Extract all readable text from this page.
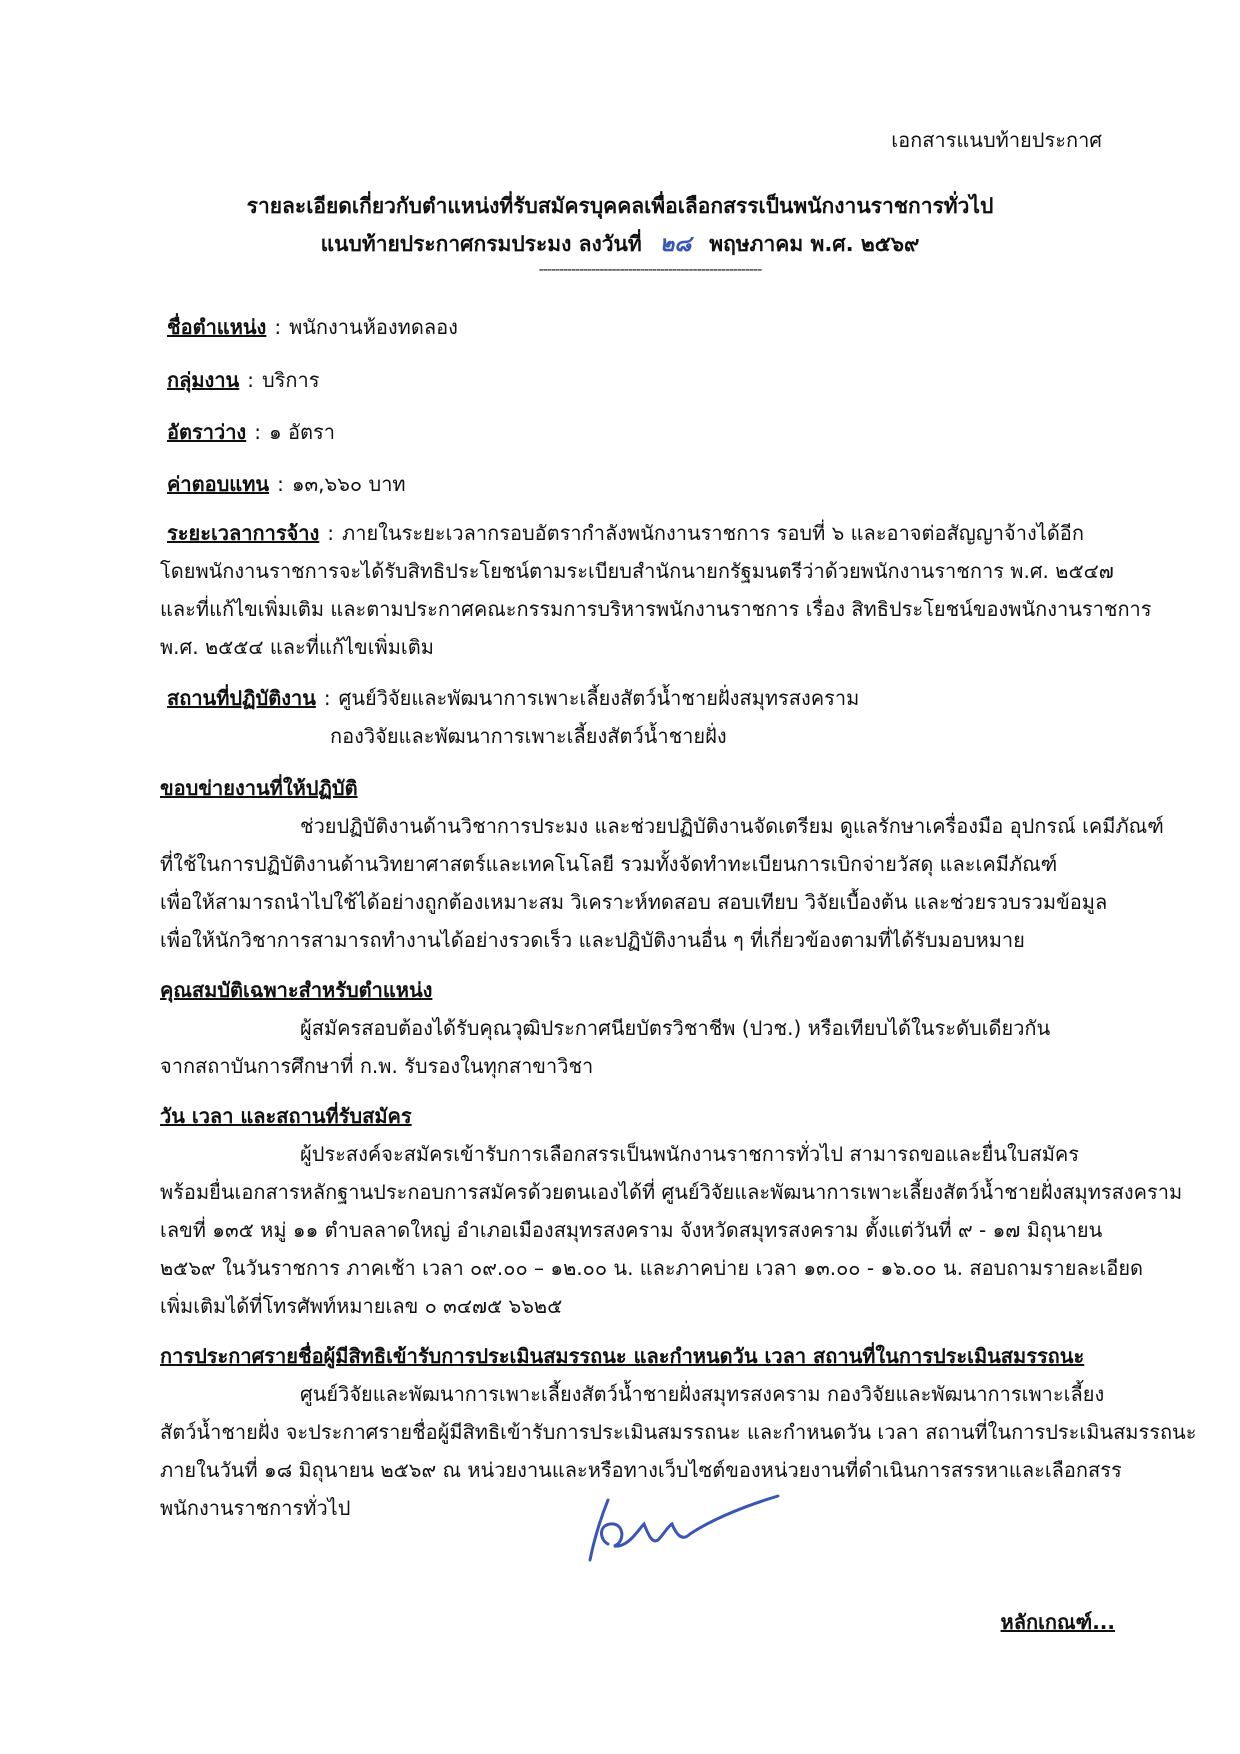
เอกสารแนบท้ายประกาศ
รายละเอียดเกี่ยวกับตำแหน่งที่รับสมัครบุคคลเพื่อเลือกสรรเป็นพนักงานราชการทั่วไป
แนบท้ายประกาศกรมประมง ลงวันที่ ๒๘ พฤษภาคม พ.ศ. ๒๕๖๙
-------------------------------------------------------
ชื่อตำแหน่ง : พนักงานห้องทดลอง
กลุ่มงาน : บริการ
อัตราว่าง : ๑ อัตรา
ค่าตอบแทน : ๑๓,๖๖๐ บาท
ระยะเวลาการจ้าง : ภายในระยะเวลากรอบอัตรากำลังพนักงานราชการ รอบที่ ๖ และอาจต่อสัญญาจ้างได้อีก
โดยพนักงานราชการจะได้รับสิทธิประโยชน์ตามระเบียบสำนักนายกรัฐมนตรีว่าด้วยพนักงานราชการ พ.ศ. ๒๕๔๗
และที่แก้ไขเพิ่มเติม และตามประกาศคณะกรรมการบริหารพนักงานราชการ เรื่อง สิทธิประโยชน์ของพนักงานราชการ
พ.ศ. ๒๕๕๔ และที่แก้ไขเพิ่มเติม
สถานที่ปฏิบัติงาน : ศูนย์วิจัยและพัฒนาการเพาะเลี้ยงสัตว์น้ำชายฝั่งสมุทรสงคราม
กองวิจัยและพัฒนาการเพาะเลี้ยงสัตว์น้ำชายฝั่ง
ขอบข่ายงานที่ให้ปฏิบัติ
ช่วยปฏิบัติงานด้านวิชาการประมง และช่วยปฏิบัติงานจัดเตรียม ดูแลรักษาเครื่องมือ อุปกรณ์ เคมีภัณฑ์
ที่ใช้ในการปฏิบัติงานด้านวิทยาศาสตร์และเทคโนโลยี รวมทั้งจัดทำทะเบียนการเบิกจ่ายวัสดุ และเคมีภัณฑ์
เพื่อให้สามารถนำไปใช้ได้อย่างถูกต้องเหมาะสม วิเคราะห์ทดสอบ สอบเทียบ วิจัยเบื้องต้น และช่วยรวบรวมข้อมูล
เพื่อให้นักวิชาการสามารถทำงานได้อย่างรวดเร็ว และปฏิบัติงานอื่น ๆ ที่เกี่ยวข้องตามที่ได้รับมอบหมาย
คุณสมบัติเฉพาะสำหรับตำแหน่ง
ผู้สมัครสอบต้องได้รับคุณวุฒิประกาศนียบัตรวิชาชีพ (ปวช.) หรือเทียบได้ในระดับเดียวกัน
จากสถาบันการศึกษาที่ ก.พ. รับรองในทุกสาขาวิชา
วัน เวลา และสถานที่รับสมัคร
ผู้ประสงค์จะสมัครเข้ารับการเลือกสรรเป็นพนักงานราชการทั่วไป สามารถขอและยื่นใบสมัคร
พร้อมยื่นเอกสารหลักฐานประกอบการสมัครด้วยตนเองได้ที่ ศูนย์วิจัยและพัฒนาการเพาะเลี้ยงสัตว์น้ำชายฝั่งสมุทรสงคราม
เลขที่ ๑๓๕ หมู่ ๑๑ ตำบลลาดใหญ่ อำเภอเมืองสมุทรสงคราม จังหวัดสมุทรสงคราม ตั้งแต่วันที่ ๙ - ๑๗ มิถุนายน
๒๕๖๙ ในวันราชการ ภาคเช้า เวลา ๐๙.๐๐ – ๑๒.๐๐ น. และภาคบ่าย เวลา ๑๓.๐๐ - ๑๖.๐๐ น. สอบถามรายละเอียด
เพิ่มเติมได้ที่โทรศัพท์หมายเลข ๐ ๓๔๗๕ ๖๖๒๕
การประกาศรายชื่อผู้มีสิทธิเข้ารับการประเมินสมรรถนะ และกำหนดวัน เวลา สถานที่ในการประเมินสมรรถนะ
ศูนย์วิจัยและพัฒนาการเพาะเลี้ยงสัตว์น้ำชายฝั่งสมุทรสงคราม กองวิจัยและพัฒนาการเพาะเลี้ยง
สัตว์น้ำชายฝั่ง จะประกาศรายชื่อผู้มีสิทธิเข้ารับการประเมินสมรรถนะ และกำหนดวัน เวลา สถานที่ในการประเมินสมรรถนะ
ภายในวันที่ ๑๘ มิถุนายน ๒๕๖๙ ณ หน่วยงานและหรือทางเว็บไซต์ของหน่วยงานที่ดำเนินการสรรหาและเลือกสรร
พนักงานราชการทั่วไป
หลักเกณฑ์...
